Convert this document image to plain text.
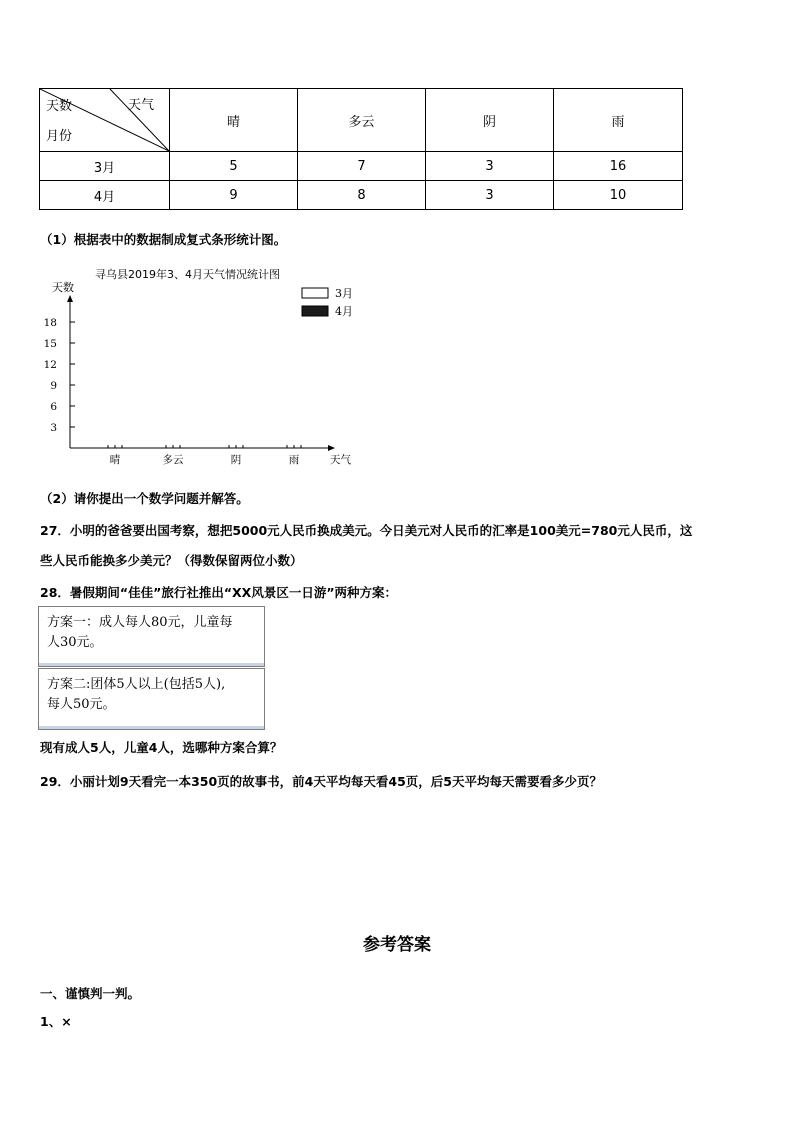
天数 天气
月份	晴	多云	阴	雨
3月	5	7	3	16
4月	9	8	3	10
（1）根据表中的数据制成复式条形统计图。
寻乌县2019年3、4月天气情况统计图
天数
3
6
9
12
15
18
晴	多云	阴	雨	天气
3月
4月
（2）请你提出一个数学问题并解答。
27．小明的爸爸要出国考察，想把5000元人民币换成美元。今日美元对人民币的汇率是100美元=780元人民币，这
些人民币能换多少美元？（得数保留两位小数）
28．暑假期间“佳佳”旅行社推出“XX风景区一日游”两种方案：
方案一：成人每人80元，儿童每
人30元。
方案二:团体5人以上(包括5人),
每人50元。
现有成人5人，儿童4人，选哪种方案合算？
29．小丽计划9天看完一本350页的故事书，前4天平均每天看45页，后5天平均每天需要看多少页？
参考答案
一、谨慎判一判。
1、×
